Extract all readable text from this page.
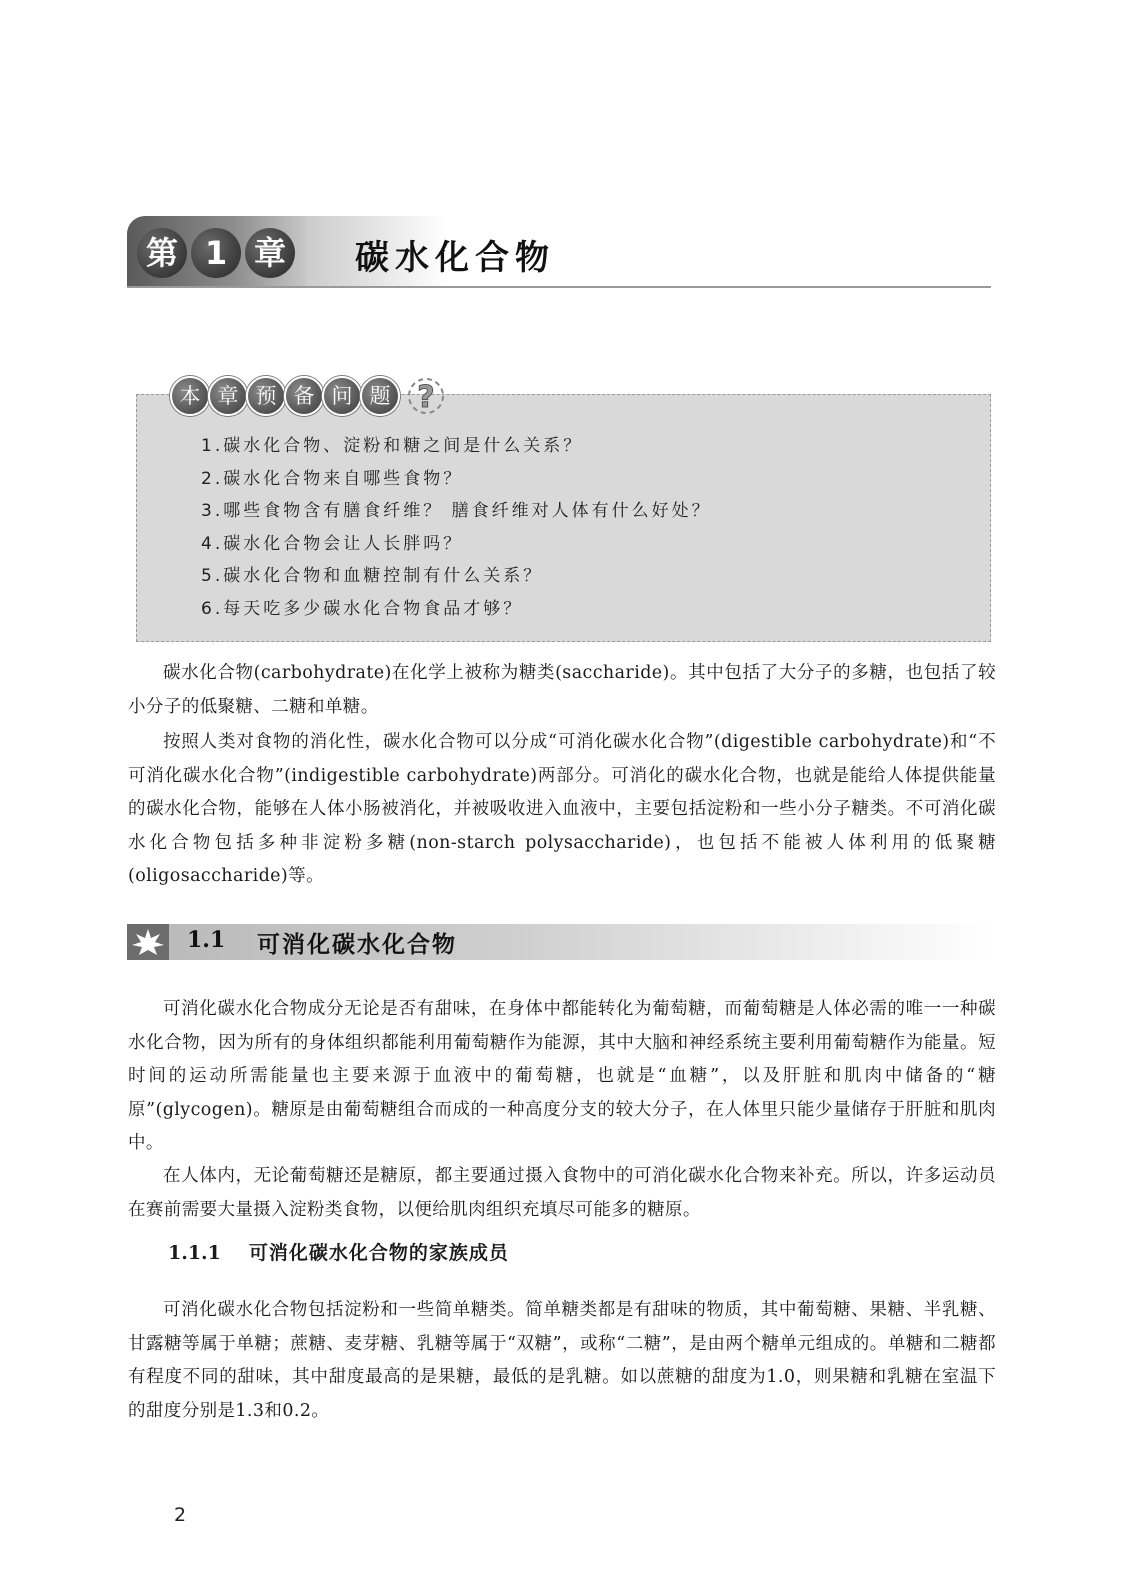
第 1 章 碳水化合物
本 章 预 备 问 题 ?
1.碳水化合物、淀粉和糖之间是什么关系？
2.碳水化合物来自哪些食物？
3.哪些食物含有膳食纤维？ 膳食纤维对人体有什么好处？
4.碳水化合物会让人长胖吗？
5.碳水化合物和血糖控制有什么关系？
6.每天吃多少碳水化合物食品才够？

碳水化合物(carbohydrate)在化学上被称为糖类(saccharide)。其中包括了大分子的多糖，也包括了较小分子的低聚糖、二糖和单糖。

按照人类对食物的消化性，碳水化合物可以分成“可消化碳水化合物”(digestible carbohydrate)和“不可消化碳水化合物”(indigestible carbohydrate)两部分。可消化的碳水化合物，也就是能给人体提供能量的碳水化合物，能够在人体小肠被消化，并被吸收进入血液中，主要包括淀粉和一些小分子糖类。不可消化碳水化合物包括多种非淀粉多糖(non-starch polysaccharide)，也包括不能被人体利用的低聚糖(oligosaccharide)等。

1.1 可消化碳水化合物

可消化碳水化合物成分无论是否有甜味，在身体中都能转化为葡萄糖，而葡萄糖是人体必需的唯一一种碳水化合物，因为所有的身体组织都能利用葡萄糖作为能源，其中大脑和神经系统主要利用葡萄糖作为能量。短时间的运动所需能量也主要来源于血液中的葡萄糖，也就是“血糖”，以及肝脏和肌肉中储备的“糖原”(glycogen)。糖原是由葡萄糖组合而成的一种高度分支的较大分子，在人体里只能少量储存于肝脏和肌肉中。

在人体内，无论葡萄糖还是糖原，都主要通过摄入食物中的可消化碳水化合物来补充。所以，许多运动员在赛前需要大量摄入淀粉类食物，以便给肌肉组织充填尽可能多的糖原。

1.1.1 可消化碳水化合物的家族成员

可消化碳水化合物包括淀粉和一些简单糖类。简单糖类都是有甜味的物质，其中葡萄糖、果糖、半乳糖、甘露糖等属于单糖；蔗糖、麦芽糖、乳糖等属于“双糖”，或称“二糖”，是由两个糖单元组成的。单糖和二糖都有程度不同的甜味，其中甜度最高的是果糖，最低的是乳糖。如以蔗糖的甜度为1.0，则果糖和乳糖在室温下的甜度分别是1.3和0.2。

2
